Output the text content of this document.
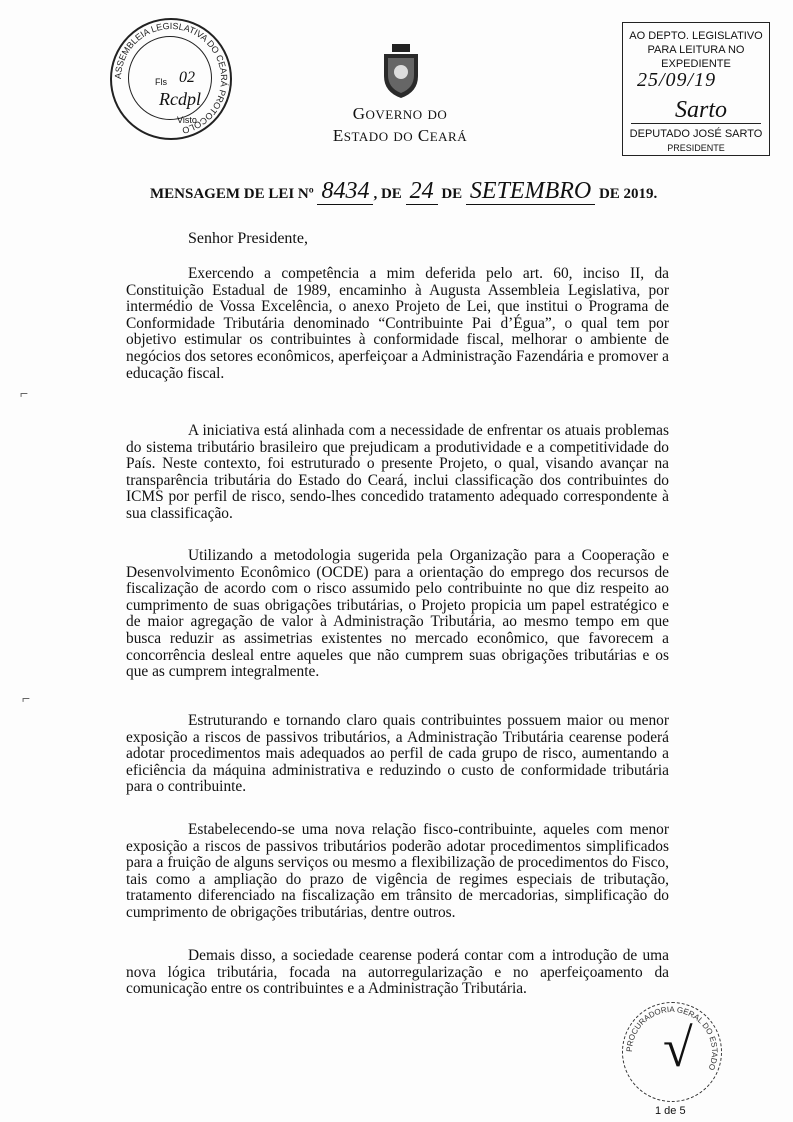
ASSEMBLEIA LEGISLATIVA DO CEARÁ PROTOCOLO
Fls 02
Rcdpl
Visto	GOVERNO DO
ESTADO DO CEARÁ
AO DEPTO. LEGISLATIVO
PARA LEITURA NO EXPEDIENTE
25/09/19
Sarto
DEPUTADO JOSÉ SARTO
PRESIDENTE
MENSAGEM DE LEI Nº 8434 , DE 24 DE SETEMBRO DE 2019.
Senhor Presidente,
Exercendo a competência a mim deferida pelo art. 60, inciso II, da Constituição Estadual de 1989, encaminho à Augusta Assembleia Legislativa, por intermédio de Vossa Excelência, o anexo Projeto de Lei, que institui o Programa de Conformidade Tributária denominado “Contribuinte Pai d’Égua”, o qual tem por objetivo estimular os contribuintes à conformidade fiscal, melhorar o ambiente de negócios dos setores econômicos, aperfeiçoar a Administração Fazendária e promover a educação fiscal.
A iniciativa está alinhada com a necessidade de enfrentar os atuais problemas do sistema tributário brasileiro que prejudicam a produtividade e a competitividade do País. Neste contexto, foi estruturado o presente Projeto, o qual, visando avançar na transparência tributária do Estado do Ceará, inclui classificação dos contribuintes do ICMS por perfil de risco, sendo-lhes concedido tratamento adequado correspondente à sua classificação.
Utilizando a metodologia sugerida pela Organização para a Cooperação e Desenvolvimento Econômico (OCDE) para a orientação do emprego dos recursos de fiscalização de acordo com o risco assumido pelo contribuinte no que diz respeito ao cumprimento de suas obrigações tributárias, o Projeto propicia um papel estratégico e de maior agregação de valor à Administração Tributária, ao mesmo tempo em que busca reduzir as assimetrias existentes no mercado econômico, que favorecem a concorrência desleal entre aqueles que não cumprem suas obrigações tributárias e os que as cumprem integralmente.
Estruturando e tornando claro quais contribuintes possuem maior ou menor exposição a riscos de passivos tributários, a Administração Tributária cearense poderá adotar procedimentos mais adequados ao perfil de cada grupo de risco, aumentando a eficiência da máquina administrativa e reduzindo o custo de conformidade tributária para o contribuinte.
Estabelecendo-se uma nova relação fisco-contribuinte, aqueles com menor exposição a riscos de passivos tributários poderão adotar procedimentos simplificados para a fruição de alguns serviços ou mesmo a flexibilização de procedimentos do Fisco, tais como a ampliação do prazo de vigência de regimes especiais de tributação, tratamento diferenciado na fiscalização em trânsito de mercadorias, simplificação do cumprimento de obrigações tributárias, dentre outros.
Demais disso, a sociedade cearense poderá contar com a introdução de uma nova lógica tributária, focada na autorregularização e no aperfeiçoamento da comunicação entre os contribuintes e a Administração Tributária.
⌐
⌐
PROCURADORIA GERAL DO ESTADO
√
1 de 5
